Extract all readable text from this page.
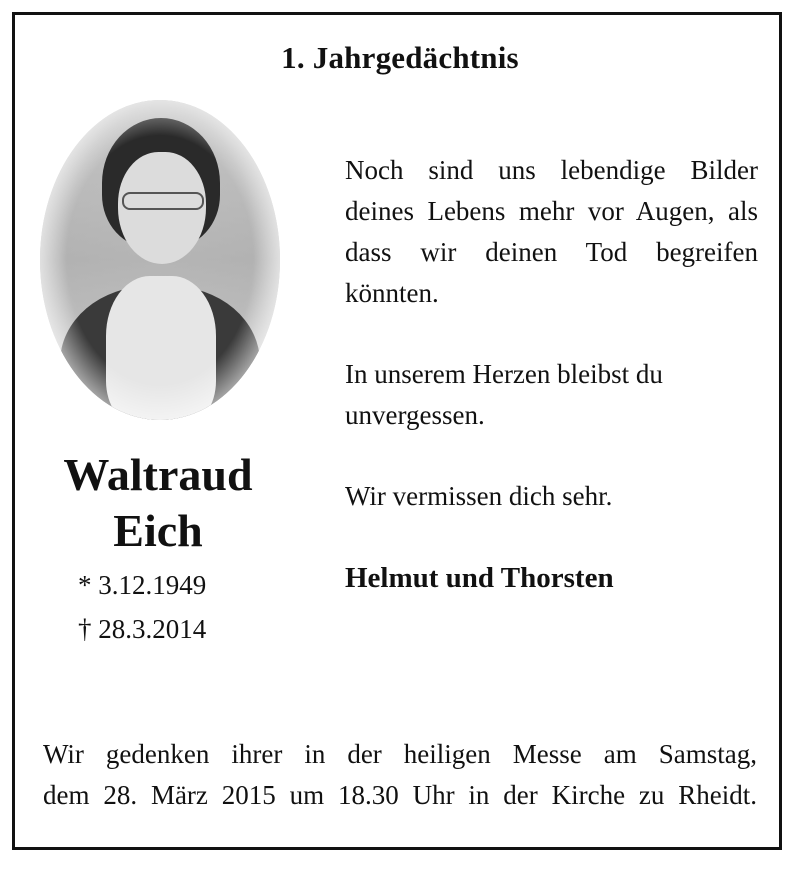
1. Jahrgedächtnis
Waltraud
Eich
* 3.12.1949
† 28.3.2014
Noch sind uns lebendige Bilder deines Lebens mehr vor Augen, als dass wir deinen Tod begreifen könnten.
In unserem Herzen bleibst du
unvergessen.
Wir vermissen dich sehr.
Helmut und Thorsten
Wir gedenken ihrer in der heiligen Messe am Samstag,
dem 28. März 2015 um 18.30 Uhr in der Kirche zu Rheidt.
